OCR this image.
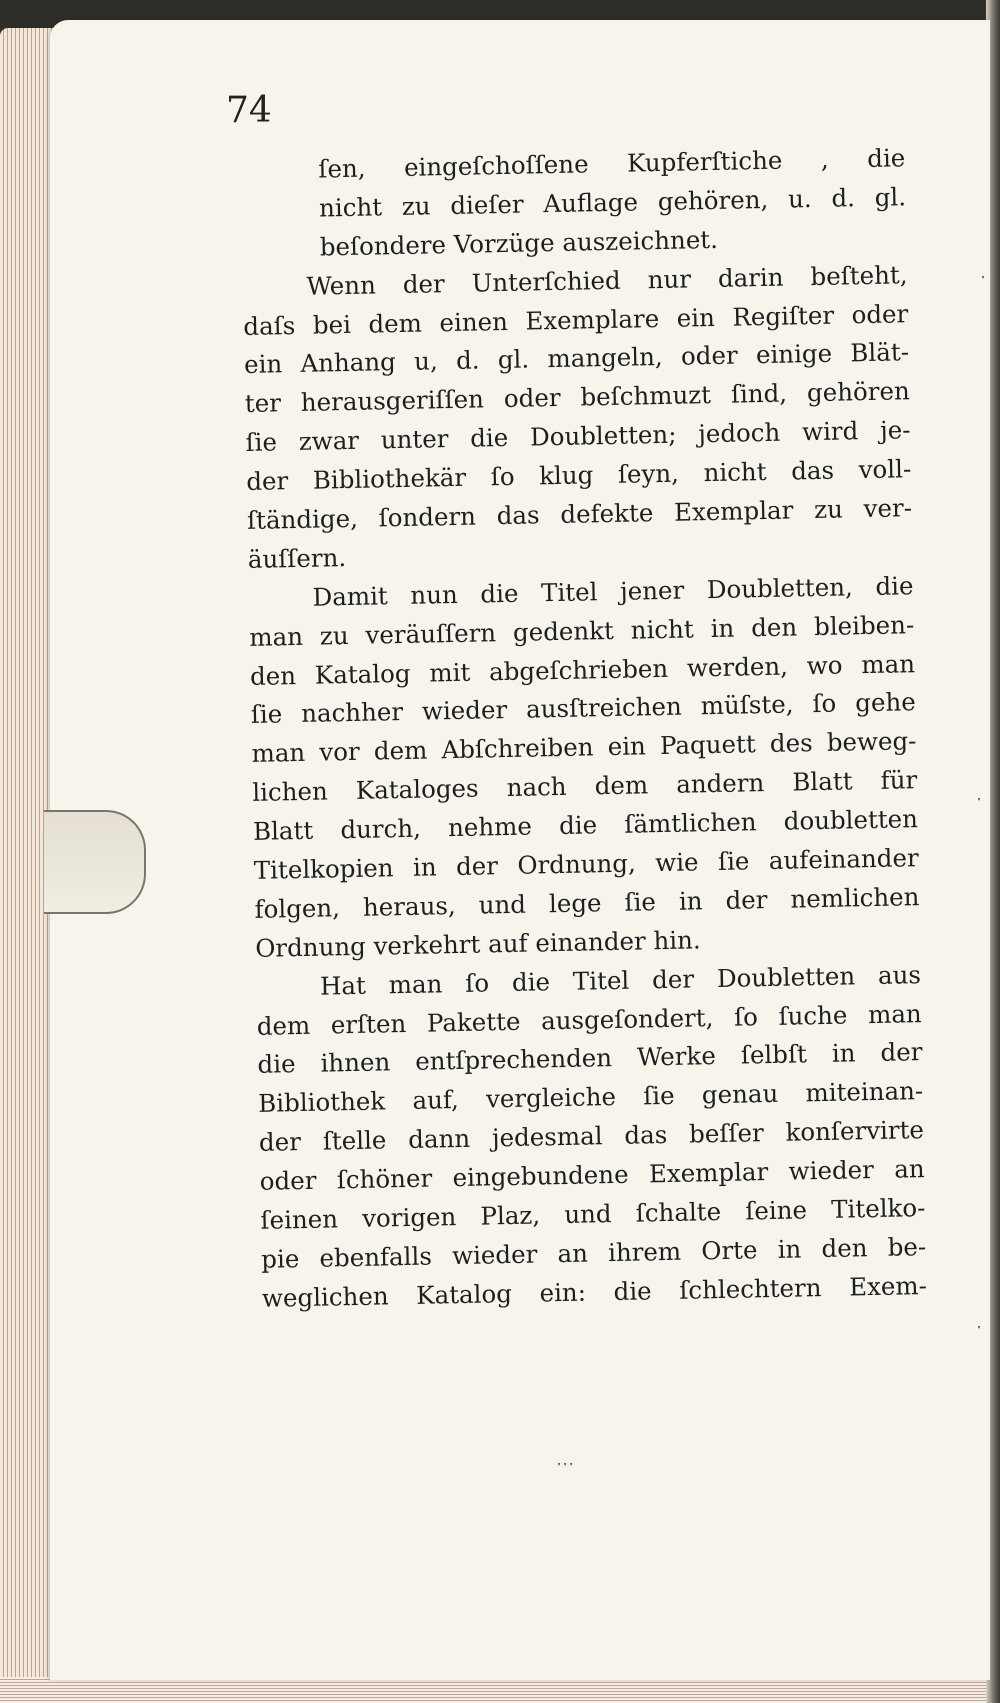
74

ſen, eingeſchoſſene Kupferſtiche , die
nicht zu dieſer Auflage gehören, u. d. gl.
beſondere Vorzüge auszeichnet.
Wenn der Unterſchied nur darin beſteht,
daſs bei dem einen Exemplare ein Regiſter oder
ein Anhang u, d. gl. mangeln, oder einige Blät-
ter herausgeriſſen oder beſchmuzt ſind, gehören
ſie zwar unter die Doubletten; jedoch wird je-
der Bibliothekär ſo klug ſeyn, nicht das voll-
ſtändige, ſondern das defekte Exemplar zu ver-
äuſſern.
Damit nun die Titel jener Doubletten, die
man zu veräuſſern gedenkt nicht in den bleiben-
den Katalog mit abgeſchrieben werden, wo man
ſie nachher wieder ausſtreichen müſste, ſo gehe
man vor dem Abſchreiben ein Paquett des beweg-
lichen Kataloges nach dem andern Blatt für
Blatt durch, nehme die ſämtlichen doubletten
Titelkopien in der Ordnung, wie ſie aufeinander
folgen, heraus, und lege ſie in der nemlichen
Ordnung verkehrt auf einander hin.
Hat man ſo die Titel der Doubletten aus
dem erſten Pakette ausgeſondert, ſo ſuche man
die ihnen entſprechenden Werke ſelbſt in der
Bibliothek auf, vergleiche ſie genau miteinan-
der ſtelle dann jedesmal das beſſer konſervirte
oder ſchöner eingebundene Exemplar wieder an
ſeinen vorigen Plaz, und ſchalte ſeine Titelko-
pie ebenfalls wieder an ihrem Orte in den be-
weglichen Katalog ein: die ſchlechtern Exem-
ˑ
ˑ
ˑ
ˑˑˑ
